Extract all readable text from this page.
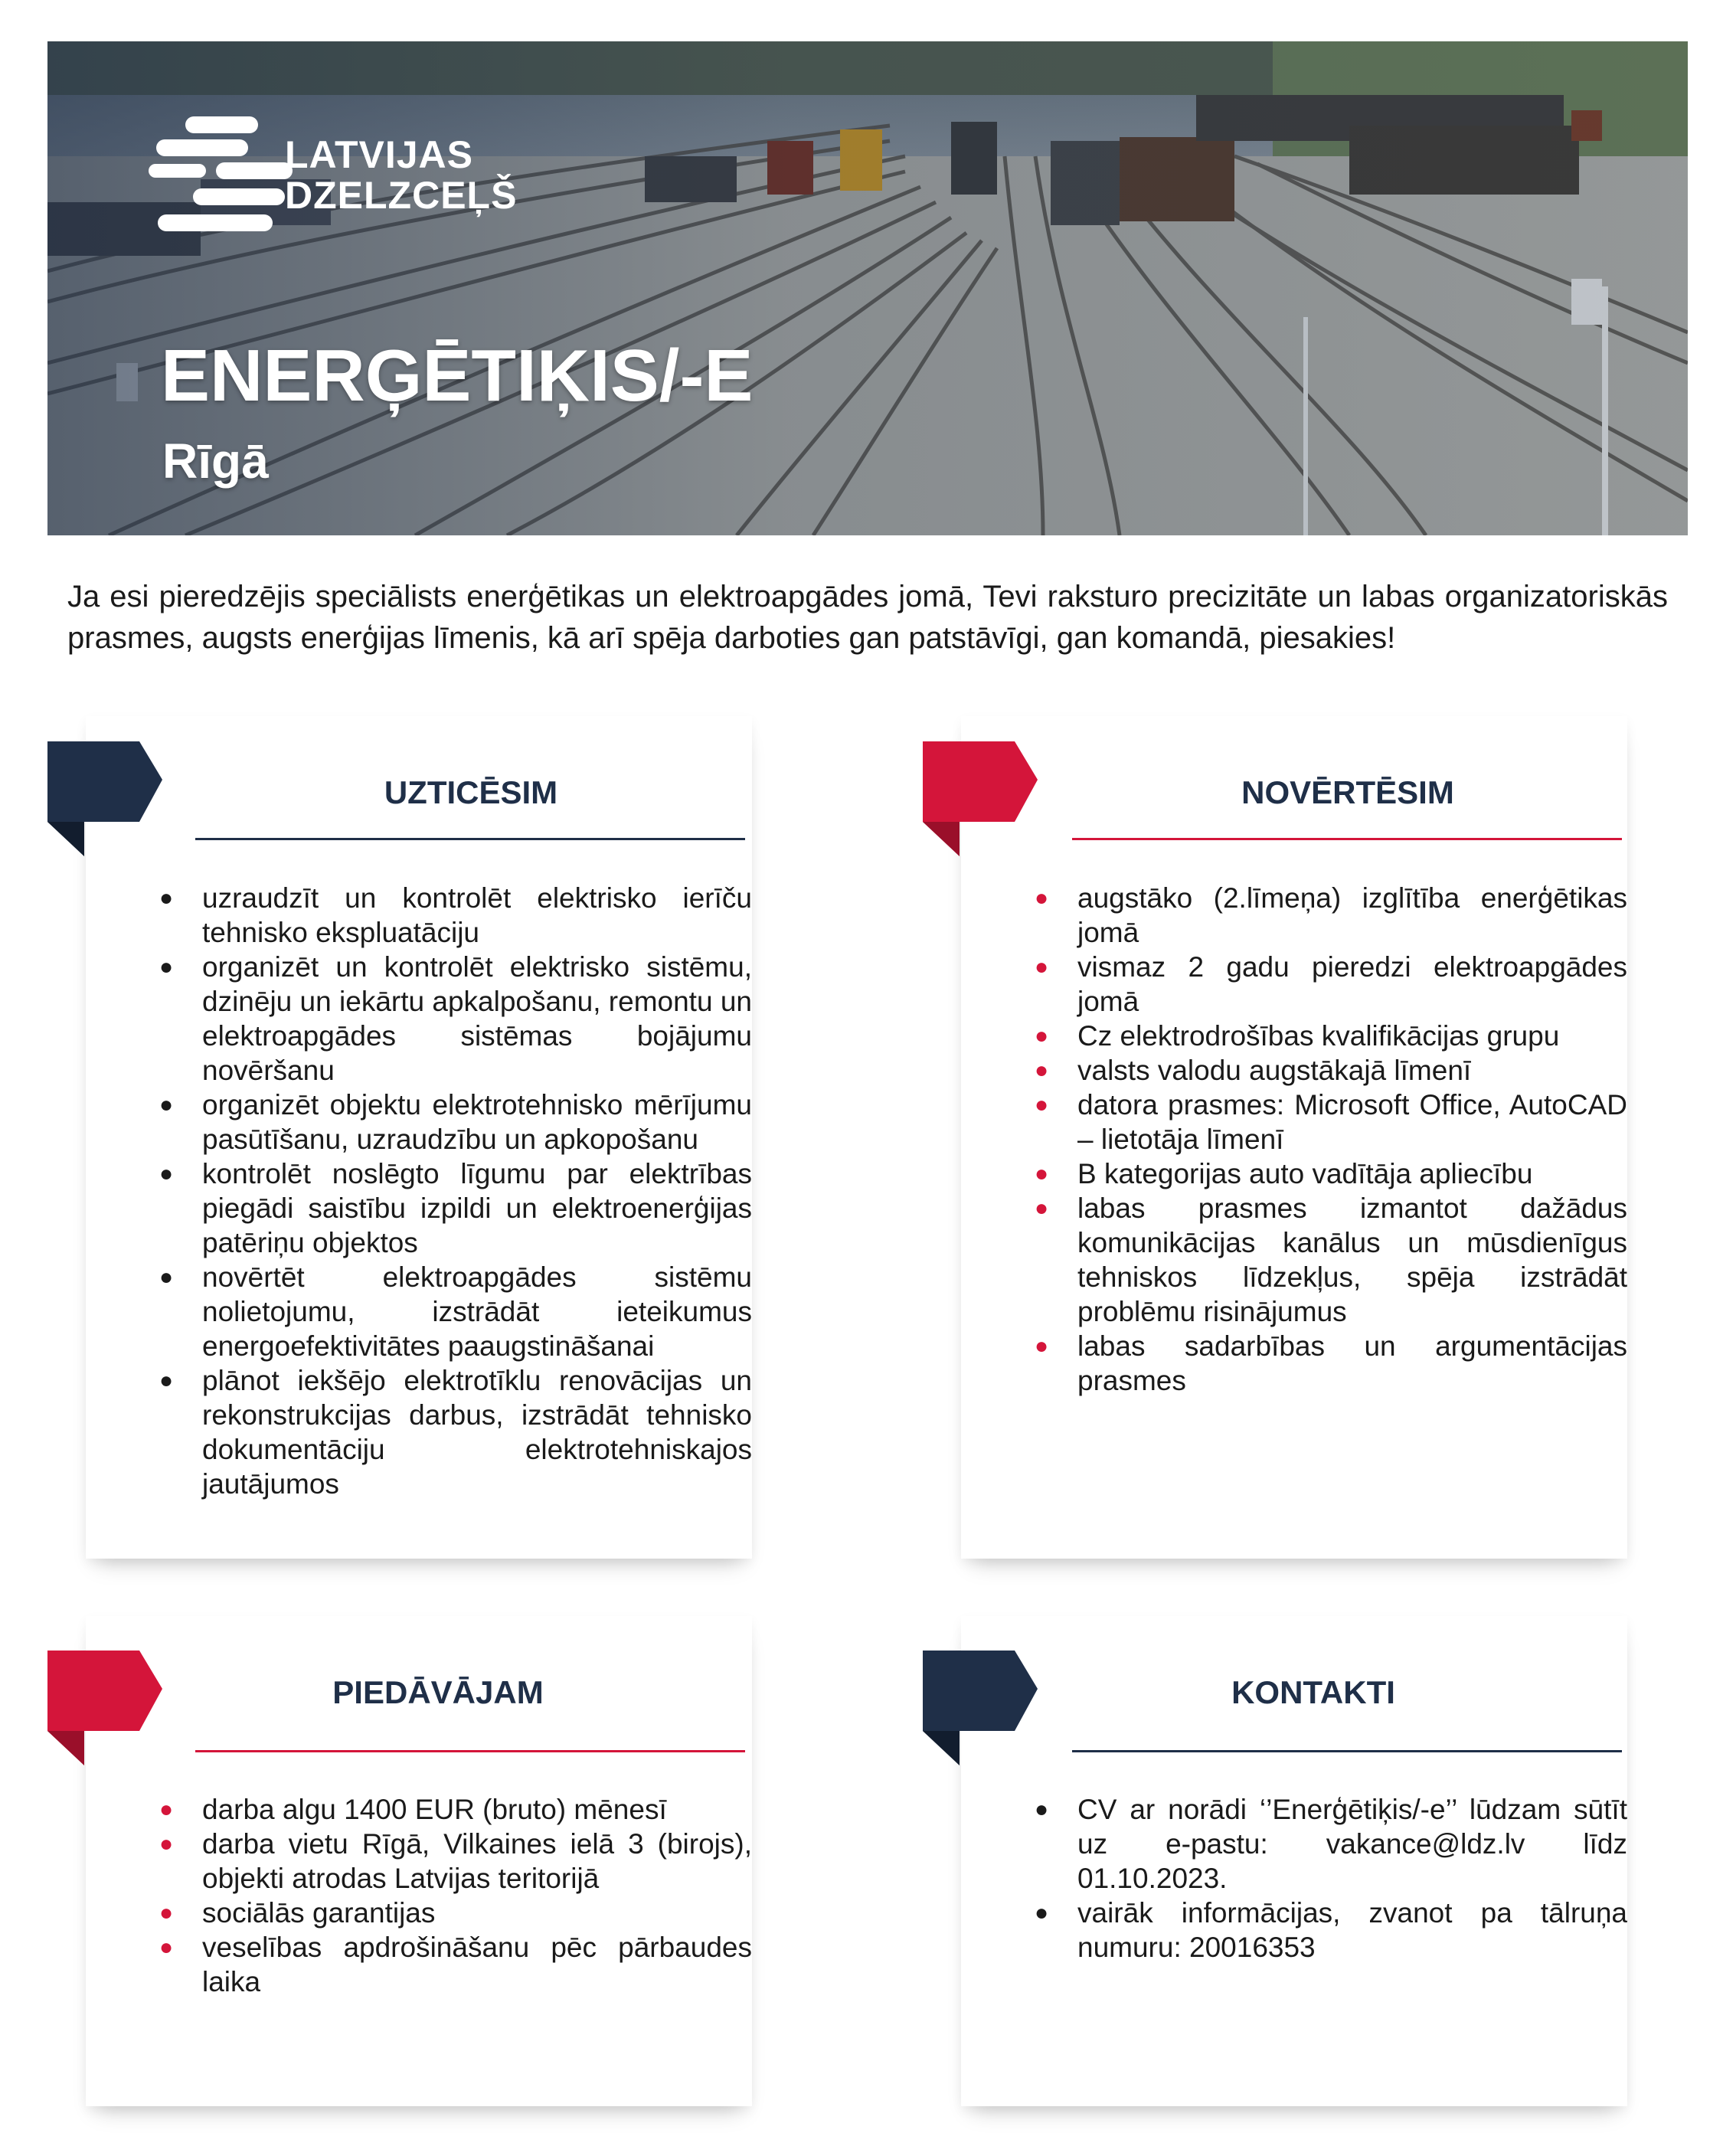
LATVIJAS
DZELZCEĻŠ
ENERĢĒTIĶIS/-E
Rīgā
Ja esi pieredzējis speciālists enerģētikas un elektroapgādes jomā, Tevi raksturo precizitāte un labas organizatoriskās prasmes, augsts enerģijas līmenis, kā arī spēja darboties gan patstāvīgi, gan komandā, piesakies!
UZTICĒSIM
● uzraudzīt un kontrolēt elektrisko ierīču tehnisko ekspluatāciju
● organizēt un kontrolēt elektrisko sistēmu, dzinēju un iekārtu apkalpošanu, remontu un elektroapgādes sistēmas bojājumu novēršanu
● organizēt objektu elektrotehnisko mērījumu pasūtīšanu, uzraudzību un apkopošanu
● kontrolēt noslēgto līgumu par elektrības piegādi saistību izpildi un elektroenerģijas patēriņu objektos
● novērtēt elektroapgādes sistēmu nolietojumu, izstrādāt ieteikumus energoefektivitātes paaugstināšanai
● plānot iekšējo elektrotīklu renovācijas un rekonstrukcijas darbus, izstrādāt tehnisko dokumentāciju elektrotehniskajos jautājumos
NOVĒRTĒSIM
● augstāko (2.līmeņa) izglītība enerģētikas jomā
● vismaz 2 gadu pieredzi elektroapgādes jomā
● Cz elektrodrošības kvalifikācijas grupu
● valsts valodu augstākajā līmenī
● datora prasmes: Microsoft Office, AutoCAD – lietotāja līmenī
● B kategorijas auto vadītāja apliecību
● labas prasmes izmantot dažādus komunikācijas kanālus un mūsdienīgus tehniskos līdzekļus, spēja izstrādāt problēmu risinājumus
● labas sadarbības un argumentācijas prasmes
PIEDĀVĀJAM
● darba algu 1400 EUR (bruto) mēnesī
● darba vietu Rīgā, Vilkaines ielā 3 (birojs), objekti atrodas Latvijas teritorijā
● sociālās garantijas
● veselības apdrošināšanu pēc pārbaudes laika
KONTAKTI
● CV ar norādi ‘’Enerģētiķis/-e’’ lūdzam sūtīt uz e-pastu: vakance@ldz.lv līdz 01.10.2023.
● vairāk informācijas, zvanot pa tālruņa numuru: 20016353
